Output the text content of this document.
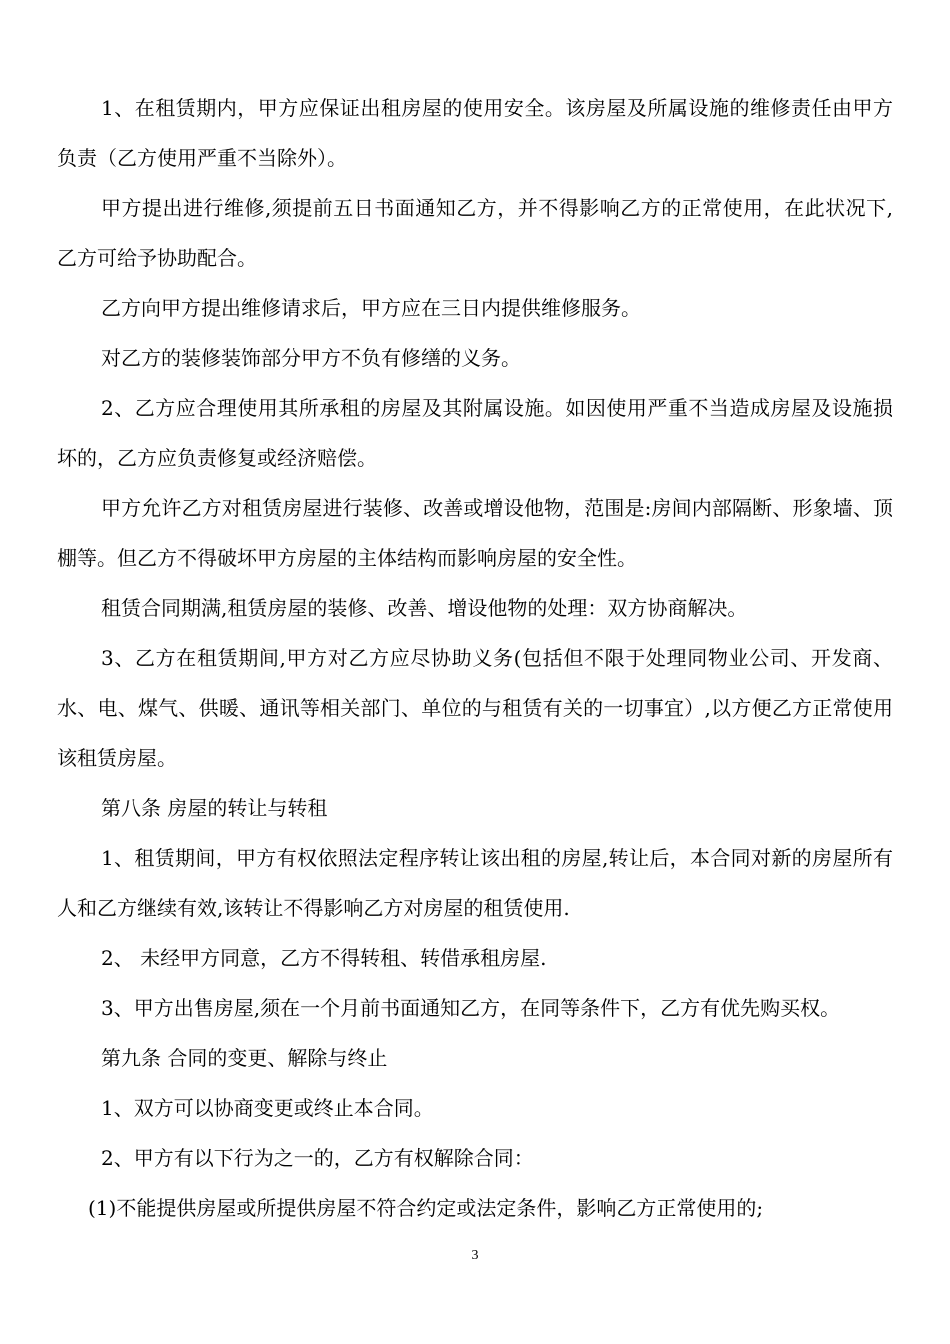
1、在租赁期内，甲方应保证出租房屋的使用安全。该房屋及所属设施的维修责任由甲方负责（乙方使用严重不当除外）。

甲方提出进行维修,须提前五日书面通知乙方，并不得影响乙方的正常使用，在此状况下,乙方可给予协助配合。

乙方向甲方提出维修请求后，甲方应在三日内提供维修服务。

对乙方的装修装饰部分甲方不负有修缮的义务。

2、乙方应合理使用其所承租的房屋及其附属设施。如因使用严重不当造成房屋及设施损坏的，乙方应负责修复或经济赔偿。

甲方允许乙方对租赁房屋进行装修、改善或增设他物，范围是:房间内部隔断、形象墙、顶棚等。但乙方不得破坏甲方房屋的主体结构而影响房屋的安全性。

租赁合同期满,租赁房屋的装修、改善、增设他物的处理：双方协商解决。

3、乙方在租赁期间,甲方对乙方应尽协助义务(包括但不限于处理同物业公司、开发商、水、电、煤气、供暖、通讯等相关部门、单位的与租赁有关的一切事宜）,以方便乙方正常使用该租赁房屋。

第八条 房屋的转让与转租

1、租赁期间，甲方有权依照法定程序转让该出租的房屋,转让后，本合同对新的房屋所有人和乙方继续有效,该转让不得影响乙方对房屋的租赁使用.

2、 未经甲方同意，乙方不得转租、转借承租房屋.

3、甲方出售房屋,须在一个月前书面通知乙方，在同等条件下，乙方有优先购买权。

第九条 合同的变更、解除与终止

1、双方可以协商变更或终止本合同。

2、甲方有以下行为之一的，乙方有权解除合同：

(1)不能提供房屋或所提供房屋不符合约定或法定条件，影响乙方正常使用的;

3
